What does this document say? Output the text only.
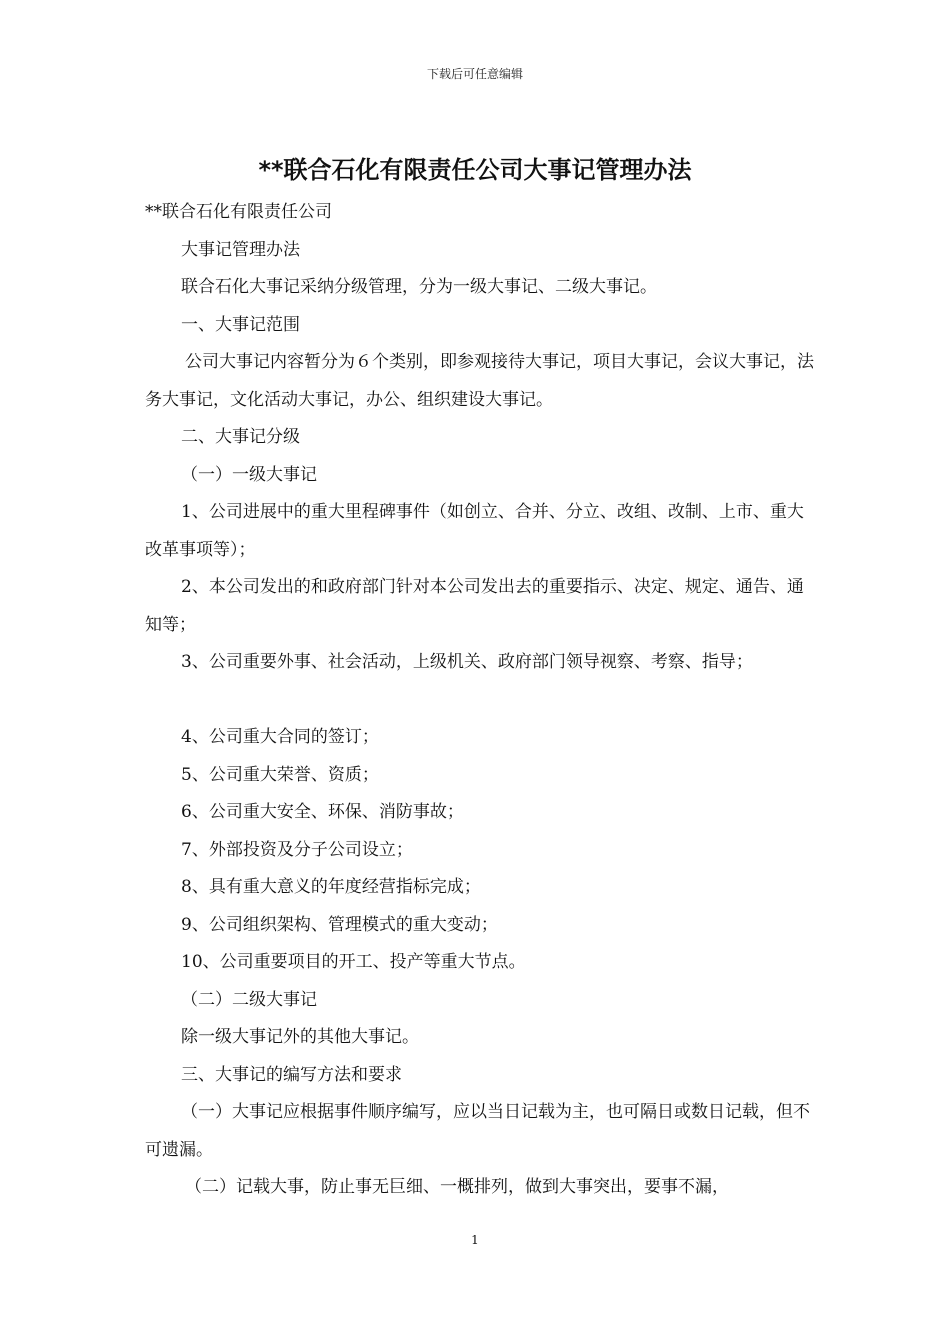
下载后可任意编辑
**联合石化有限责任公司大事记管理办法

**联合石化有限责任公司

大事记管理办法

联合石化大事记采纳分级管理，分为一级大事记、二级大事记。

一、大事记范围

公司大事记内容暂分为６个类别，即参观接待大事记，项目大事记，会议大事记，法务大事记，文化活动大事记，办公、组织建设大事记。

二、大事记分级

（一）一级大事记

1、公司进展中的重大里程碑事件（如创立、合并、分立、改组、改制、上市、重大改革事项等）；

2、本公司发出的和政府部门针对本公司发出去的重要指示、决定、规定、通告、通知等；

3、公司重要外事、社会活动，上级机关、政府部门领导视察、考察、指导；

4、公司重大合同的签订；

5、公司重大荣誉、资质；

6、公司重大安全、环保、消防事故；

7、外部投资及分子公司设立；

8、具有重大意义的年度经营指标完成；

9、公司组织架构、管理模式的重大变动；

10、公司重要项目的开工、投产等重大节点。

（二）二级大事记

除一级大事记外的其他大事记。

三、大事记的编写方法和要求

（一）大事记应根据事件顺序编写，应以当日记载为主，也可隔日或数日记载，但不可遗漏。

（二）记载大事，防止事无巨细、一概排列，做到大事突出，要事不漏，

1
